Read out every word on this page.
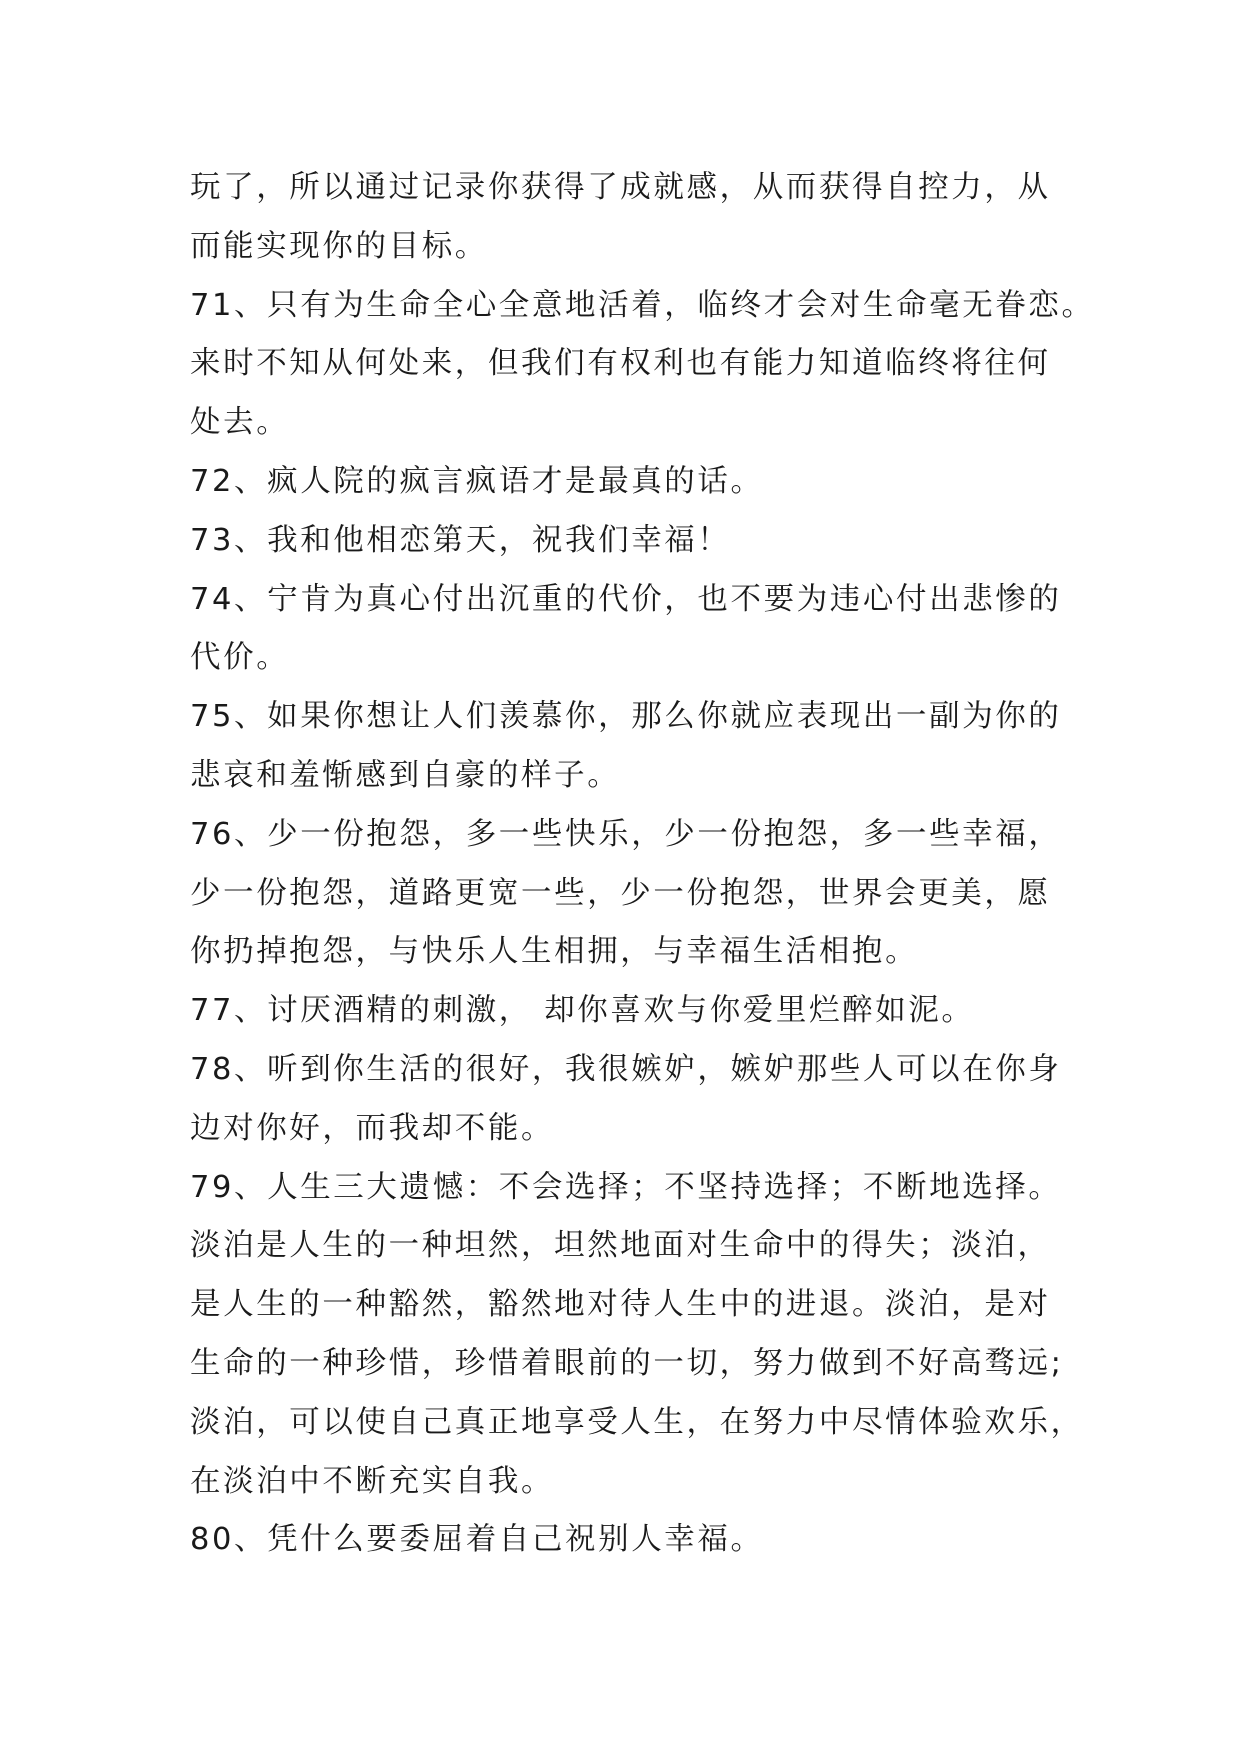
玩了，所以通过记录你获得了成就感，从而获得自控力，从
而能实现你的目标。
71、只有为生命全心全意地活着，临终才会对生命毫无眷恋。
来时不知从何处来，但我们有权利也有能力知道临终将往何
处去。
72、疯人院的疯言疯语才是最真的话。
73、我和他相恋第天，祝我们幸福！
74、宁肯为真心付出沉重的代价，也不要为违心付出悲惨的
代价。
75、如果你想让人们羡慕你，那么你就应表现出一副为你的
悲哀和羞惭感到自豪的样子。
76、少一份抱怨，多一些快乐，少一份抱怨，多一些幸福，
少一份抱怨，道路更宽一些，少一份抱怨，世界会更美，愿
你扔掉抱怨，与快乐人生相拥，与幸福生活相抱。
77、讨厌酒精的刺激， 却你喜欢与你爱里烂醉如泥。
78、听到你生活的很好，我很嫉妒，嫉妒那些人可以在你身
边对你好，而我却不能。
79、人生三大遗憾：不会选择；不坚持选择；不断地选择。
淡泊是人生的一种坦然，坦然地面对生命中的得失；淡泊，
是人生的一种豁然，豁然地对待人生中的进退。淡泊，是对
生命的一种珍惜，珍惜着眼前的一切，努力做到不好高骛远;
淡泊，可以使自己真正地享受人生，在努力中尽情体验欢乐，
在淡泊中不断充实自我。
80、凭什么要委屈着自己祝别人幸福。
